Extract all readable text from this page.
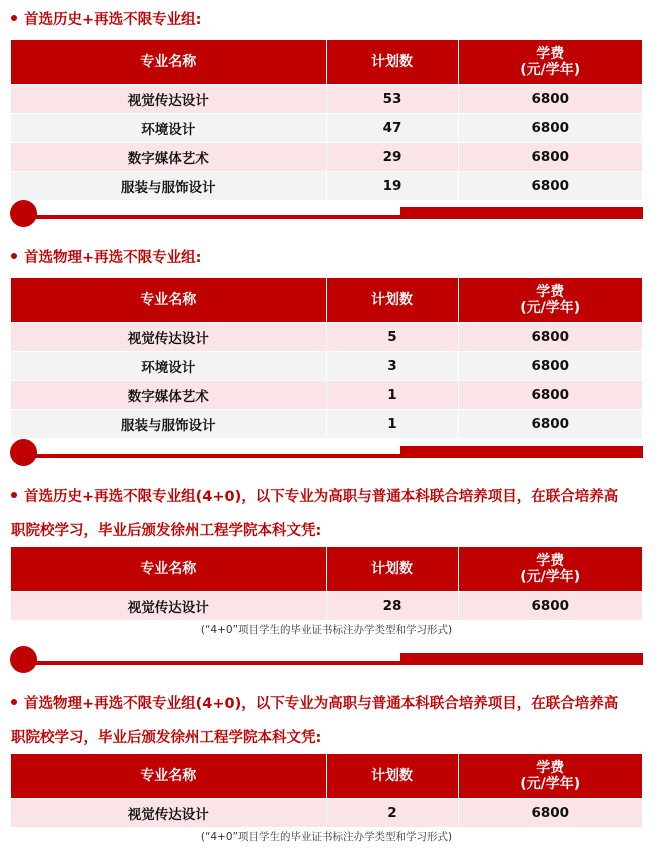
首选历史+再选不限专业组:
专业名称	计划数	学费
(元/学年)
视觉传达设计	53	6800
环境设计	47	6800
数字媒体艺术	29	6800
服装与服饰设计	19	6800
首选物理+再选不限专业组:
专业名称	计划数	学费
(元/学年)
视觉传达设计	5	6800
环境设计	3	6800
数字媒体艺术	1	6800
服装与服饰设计	1	6800
首选历史+再选不限专业组(4+0)，以下专业为高职与普通本科联合培养项目，在联合培养高
职院校学习，毕业后颁发徐州工程学院本科文凭:
专业名称	计划数	学费
(元/学年)
视觉传达设计	28	6800
(“4+0”项目学生的毕业证书标注办学类型和学习形式)
首选物理+再选不限专业组(4+0)，以下专业为高职与普通本科联合培养项目，在联合培养高
职院校学习，毕业后颁发徐州工程学院本科文凭:
专业名称	计划数	学费
(元/学年)
视觉传达设计	2	6800
(“4+0”项目学生的毕业证书标注办学类型和学习形式)
